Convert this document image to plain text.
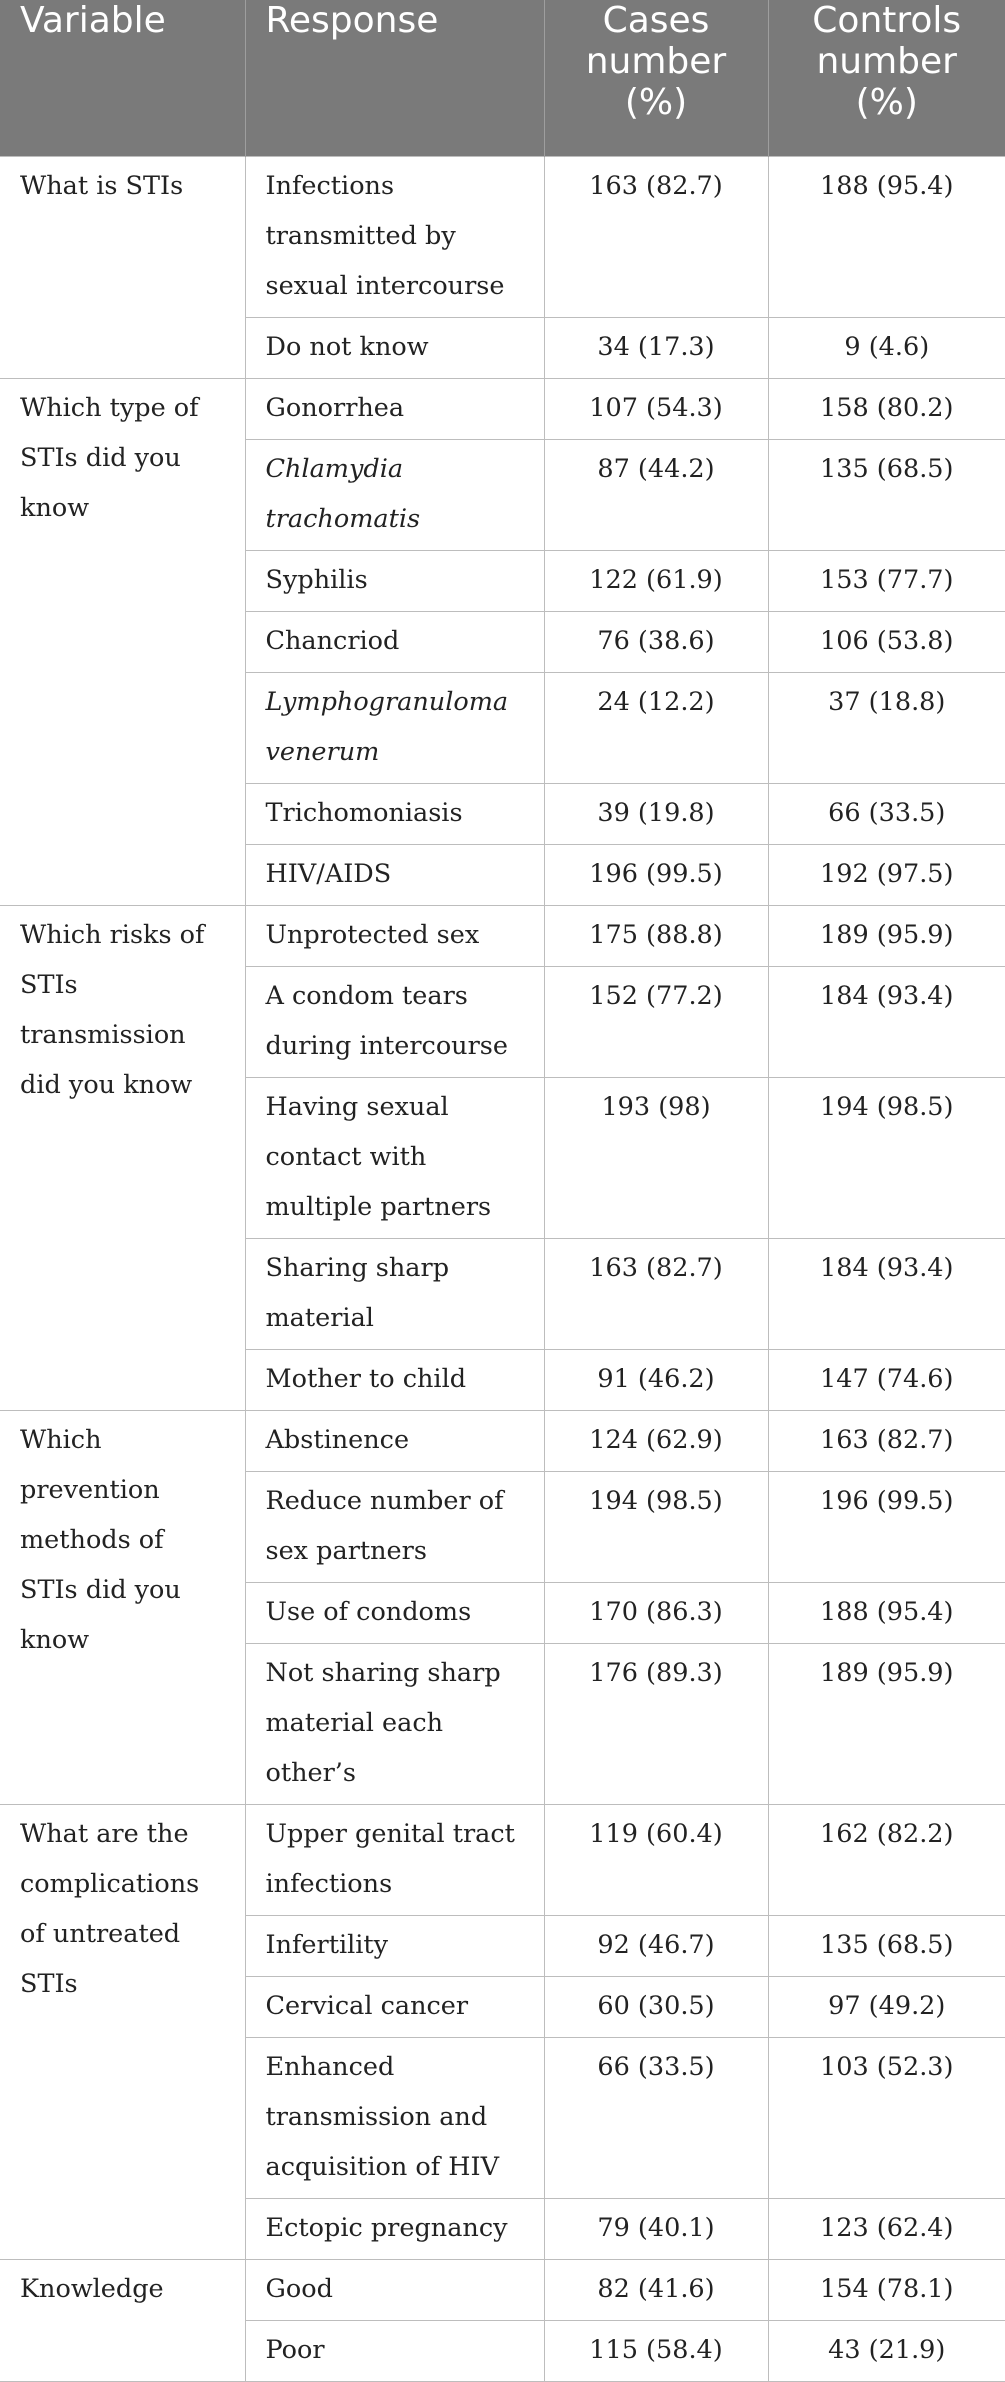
Variable	Response	Cases number (%)	Controls number (%)
What is STIs	Infections transmitted by sexual intercourse	163 (82.7)	188 (95.4)
	Do not know	34 (17.3)	9 (4.6)
Which type of STIs did you know	Gonorrhea	107 (54.3)	158 (80.2)
	Chlamydia trachomatis	87 (44.2)	135 (68.5)
	Syphilis	122 (61.9)	153 (77.7)
	Chancriod	76 (38.6)	106 (53.8)
	Lymphogranuloma venerum	24 (12.2)	37 (18.8)
	Trichomoniasis	39 (19.8)	66 (33.5)
	HIV/AIDS	196 (99.5)	192 (97.5)
Which risks of STIs transmission did you know	Unprotected sex	175 (88.8)	189 (95.9)
	A condom tears during intercourse	152 (77.2)	184 (93.4)
	Having sexual contact with multiple partners	193 (98)	194 (98.5)
	Sharing sharp material	163 (82.7)	184 (93.4)
	Mother to child	91 (46.2)	147 (74.6)
Which prevention methods of STIs did you know	Abstinence	124 (62.9)	163 (82.7)
	Reduce number of sex partners	194 (98.5)	196 (99.5)
	Use of condoms	170 (86.3)	188 (95.4)
	Not sharing sharp material each other’s	176 (89.3)	189 (95.9)
What are the complications of untreated STIs	Upper genital tract infections	119 (60.4)	162 (82.2)
	Infertility	92 (46.7)	135 (68.5)
	Cervical cancer	60 (30.5)	97 (49.2)
	Enhanced transmission and acquisition of HIV	66 (33.5)	103 (52.3)
	Ectopic pregnancy	79 (40.1)	123 (62.4)
Knowledge	Good	82 (41.6)	154 (78.1)
	Poor	115 (58.4)	43 (21.9)
